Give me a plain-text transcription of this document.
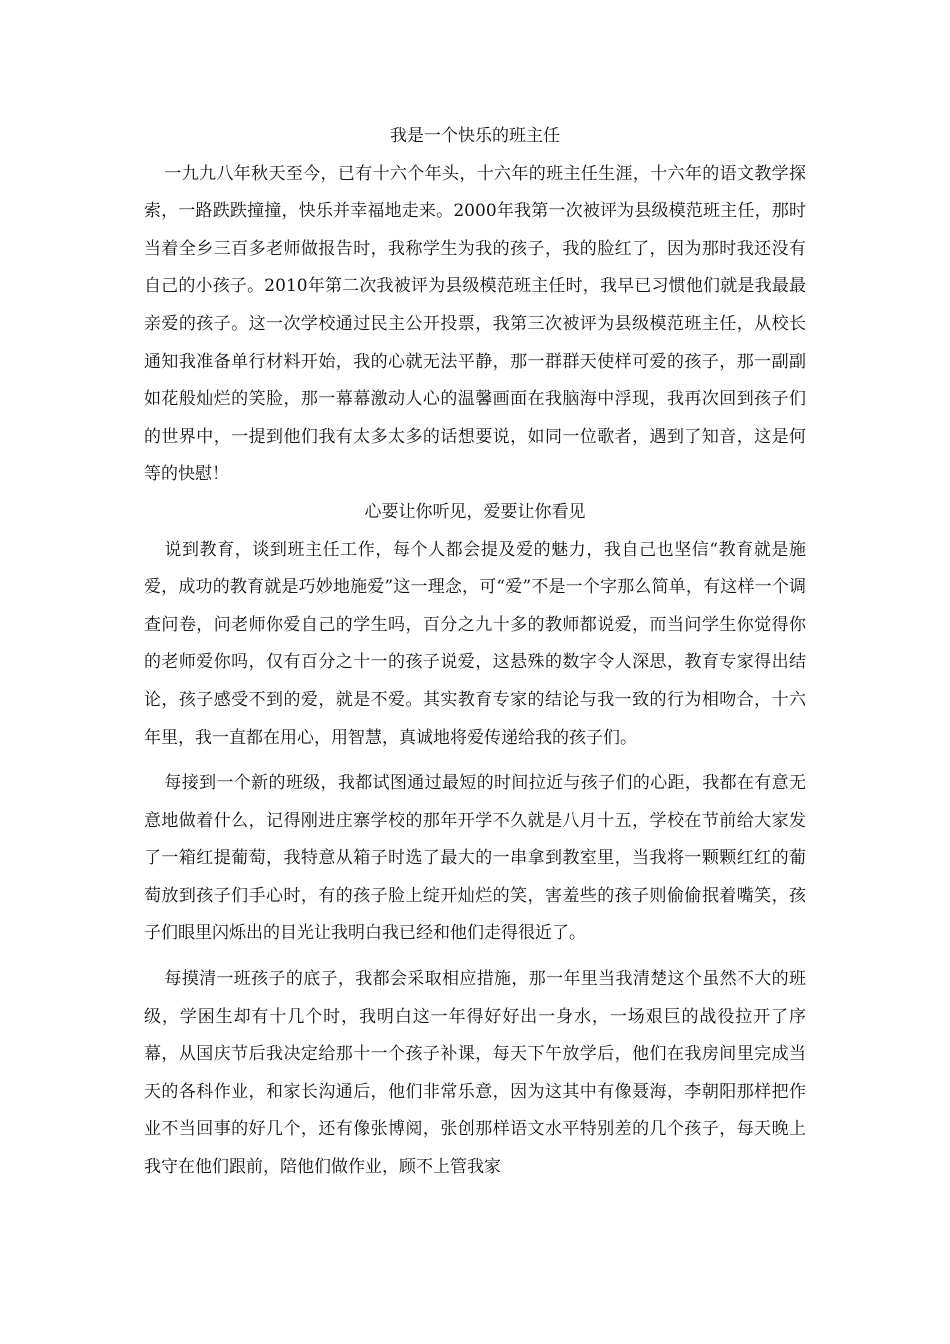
我是一个快乐的班主任

一九九八年秋天至今，已有十六个年头，十六年的班主任生涯，十六年的语文教学探索，一路跌跌撞撞，快乐并幸福地走来。2000年我第一次被评为县级模范班主任，那时当着全乡三百多老师做报告时，我称学生为我的孩子，我的脸红了，因为那时我还没有自己的小孩子。2010年第二次我被评为县级模范班主任时，我早已习惯他们就是我最最亲爱的孩子。这一次学校通过民主公开投票，我第三次被评为县级模范班主任，从校长通知我准备单行材料开始，我的心就无法平静，那一群群天使样可爱的孩子，那一副副如花般灿烂的笑脸，那一幕幕激动人心的温馨画面在我脑海中浮现，我再次回到孩子们的世界中，一提到他们我有太多太多的话想要说，如同一位歌者，遇到了知音，这是何等的快慰！

心要让你听见，爱要让你看见

说到教育，谈到班主任工作，每个人都会提及爱的魅力，我自己也坚信“教育就是施爱，成功的教育就是巧妙地施爱”这一理念，可“爱”不是一个字那么简单，有这样一个调查问卷，问老师你爱自己的学生吗，百分之九十多的教师都说爱，而当问学生你觉得你的老师爱你吗，仅有百分之十一的孩子说爱，这悬殊的数字令人深思，教育专家得出结论，孩子感受不到的爱，就是不爱。其实教育专家的结论与我一致的行为相吻合，十六年里，我一直都在用心，用智慧，真诚地将爱传递给我的孩子们。

每接到一个新的班级，我都试图通过最短的时间拉近与孩子们的心距，我都在有意无意地做着什么，记得刚进庄寨学校的那年开学不久就是八月十五，学校在节前给大家发了一箱红提葡萄，我特意从箱子时选了最大的一串拿到教室里，当我将一颗颗红红的葡萄放到孩子们手心时，有的孩子脸上绽开灿烂的笑，害羞些的孩子则偷偷抿着嘴笑，孩子们眼里闪烁出的目光让我明白我已经和他们走得很近了。

每摸清一班孩子的底子，我都会采取相应措施，那一年里当我清楚这个虽然不大的班级，学困生却有十几个时，我明白这一年得好好出一身水，一场艰巨的战役拉开了序幕，从国庆节后我决定给那十一个孩子补课，每天下午放学后，他们在我房间里完成当天的各科作业，和家长沟通后，他们非常乐意，因为这其中有像聂海，李朝阳那样把作业不当回事的好几个，还有像张博阅，张创那样语文水平特别差的几个孩子，每天晚上我守在他们跟前，陪他们做作业，顾不上管我家
